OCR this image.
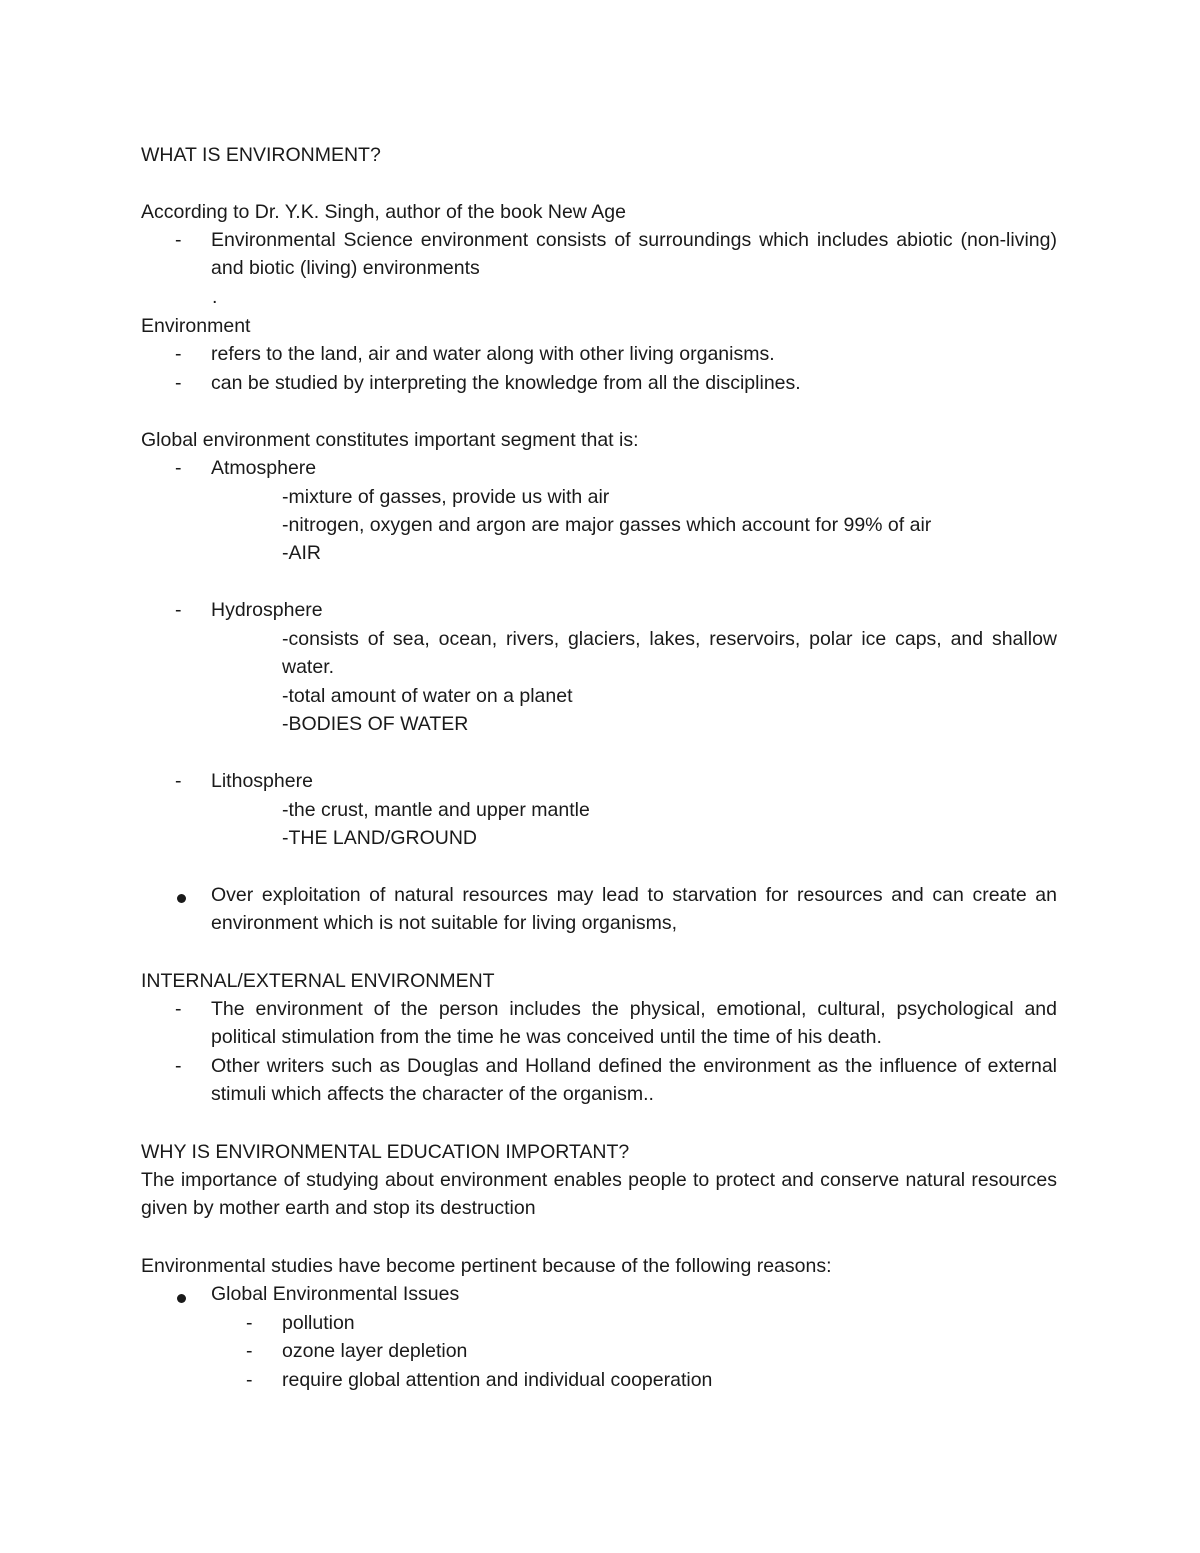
WHAT IS ENVIRONMENT?
According to Dr. Y.K. Singh, author of the book New Age
- Environmental Science environment consists of surroundings which includes abiotic (non-living) and biotic (living) environments
.
Environment
- refers to the land, air and water along with other living organisms.
- can be studied by interpreting the knowledge from all the disciplines.
Global environment constitutes important segment that is:
- Atmosphere
-mixture of gasses, provide us with air
-nitrogen, oxygen and argon are major gasses which account for 99% of air
-AIR
- Hydrosphere
-consists of sea, ocean, rivers, glaciers, lakes, reservoirs, polar ice caps, and shallow water.
-total amount of water on a planet
-BODIES OF WATER
- Lithosphere
-the crust, mantle and upper mantle
-THE LAND/GROUND
Over exploitation of natural resources may lead to starvation for resources and can create an environment which is not suitable for living organisms,
INTERNAL/EXTERNAL ENVIRONMENT
- The environment of the person includes the physical, emotional, cultural, psychological and political stimulation from the time he was conceived until the time of his death.
- Other writers such as Douglas and Holland defined the environment as the influence of external stimuli which affects the character of the organism..
WHY IS ENVIRONMENTAL EDUCATION IMPORTANT?
The importance of studying about environment enables people to protect and conserve natural resources given by mother earth and stop its destruction
Environmental studies have become pertinent because of the following reasons:
Global Environmental Issues
- pollution
- ozone layer depletion
- require global attention and individual cooperation
